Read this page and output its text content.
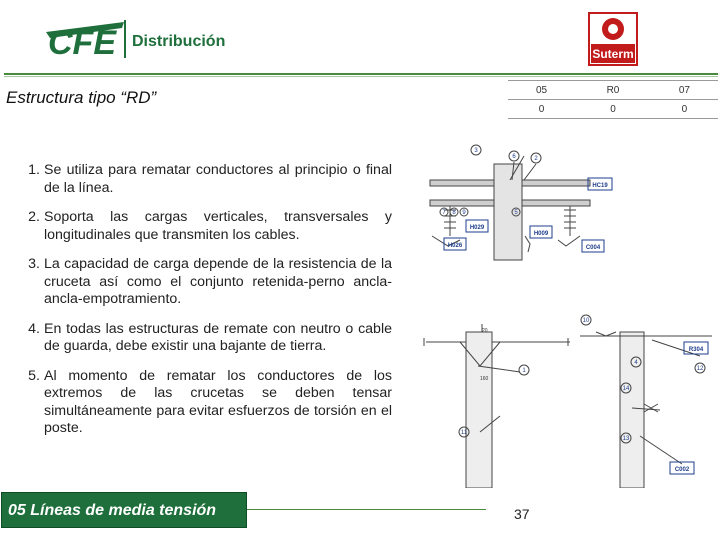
CFE Distribución
Suterm
Estructura tipo “RD”	05	R0	07
0	0	0
1. Se utiliza para rematar conductores al principio o final de la línea.
2. Soporta las cargas verticales, transversales y longitudinales que transmiten los cables.
3. La capacidad de carga depende de la resistencia de la cruceta así como el conjunto retenida-perno ancla-ancla-empotramiento.
4. En todas las estructuras de remate con neutro o cable de guarda, debe existir una bajante de tierra.
5. Al momento de rematar los conductores de los extremos de las crucetas se deben tensar simultáneamente para evitar esfuerzos de torsión en el poste.
3
6	2
7 8 9	5
HC19
H029
H026
H009
C004
10
4
14
13
1
11
12
R304
C002
20
160
05 Líneas de media tensión	37
